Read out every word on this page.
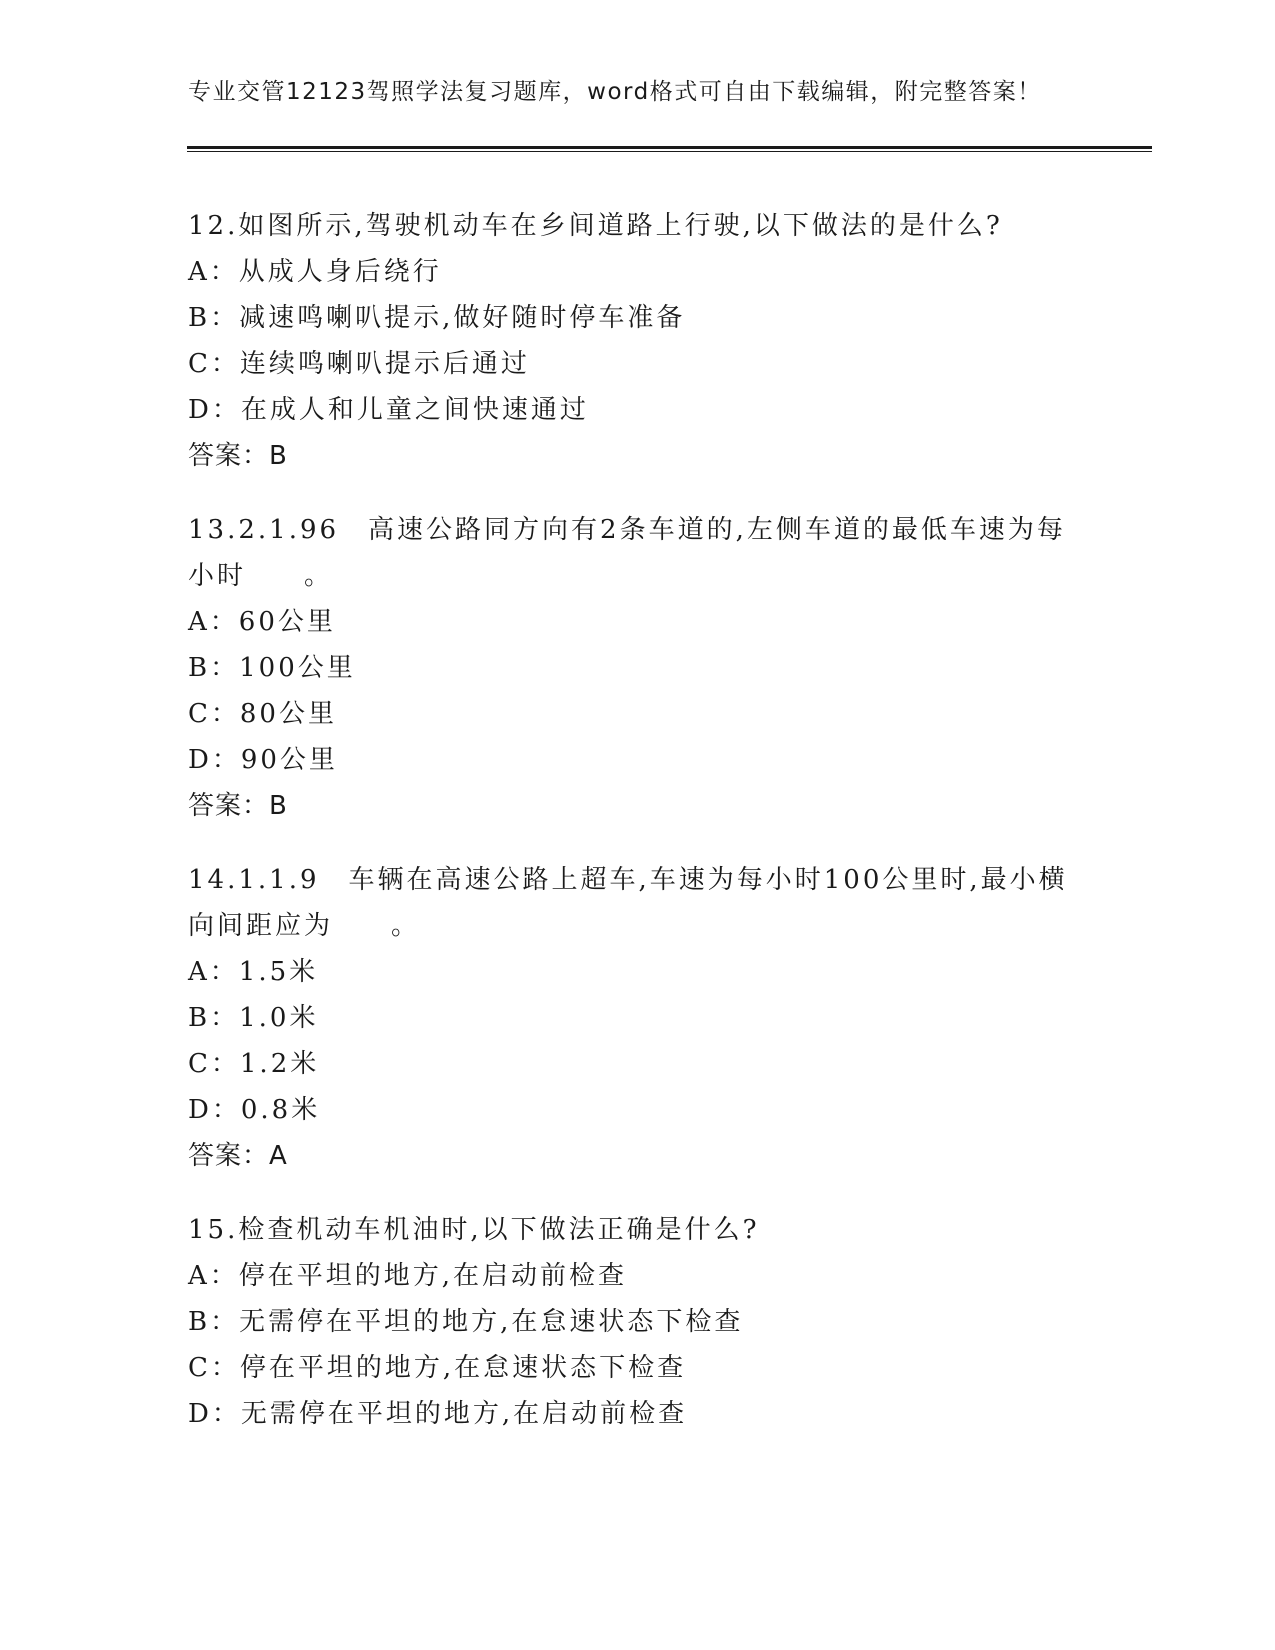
专业交管12123驾照学法复习题库，word格式可自由下载编辑，附完整答案！
12.如图所示,驾驶机动车在乡间道路上行驶,以下做法的是什么?
A：从成人身后绕行
B：减速鸣喇叭提示,做好随时停车准备
C：连续鸣喇叭提示后通过
D：在成人和儿童之间快速通过
答案：B
13.2.1.96　高速公路同方向有2条车道的,左侧车道的最低车速为每小时　　。
A：60公里
B：100公里
C：80公里
D：90公里
答案：B
14.1.1.9　车辆在高速公路上超车,车速为每小时100公里时,最小横向间距应为　　。
A：1.5米
B：1.0米
C：1.2米
D：0.8米
答案：A
15.检查机动车机油时,以下做法正确是什么?
A：停在平坦的地方,在启动前检查
B：无需停在平坦的地方,在怠速状态下检查
C：停在平坦的地方,在怠速状态下检查
D：无需停在平坦的地方,在启动前检查
